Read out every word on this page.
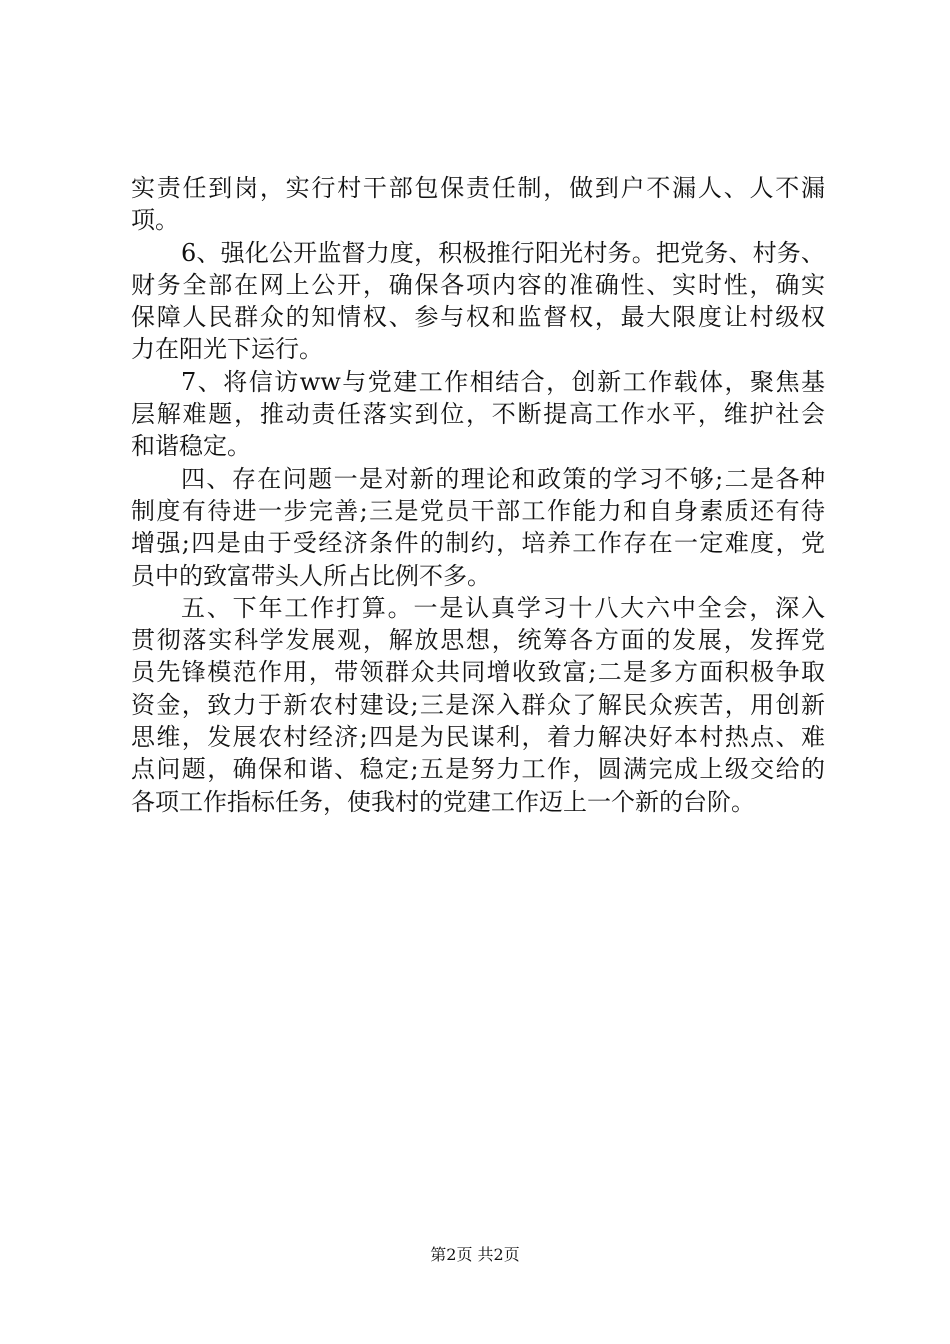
实责任到岗，实行村干部包保责任制，做到户不漏人、人不漏
项。
6、强化公开监督力度，积极推行阳光村务。把党务、村务、
财务全部在网上公开，确保各项内容的准确性、实时性，确实
保障人民群众的知情权、参与权和监督权，最大限度让村级权
力在阳光下运行。
7、将信访ww与党建工作相结合，创新工作载体，聚焦基
层解难题，推动责任落实到位，不断提高工作水平，维护社会
和谐稳定。
四、存在问题一是对新的理论和政策的学习不够;二是各种
制度有待进一步完善;三是党员干部工作能力和自身素质还有待
增强;四是由于受经济条件的制约，培养工作存在一定难度，党
员中的致富带头人所占比例不多。
五、下年工作打算。一是认真学习十八大六中全会，深入
贯彻落实科学发展观，解放思想，统筹各方面的发展，发挥党
员先锋模范作用，带领群众共同增收致富;二是多方面积极争取
资金，致力于新农村建设;三是深入群众了解民众疾苦，用创新
思维，发展农村经济;四是为民谋利，着力解决好本村热点、难
点问题，确保和谐、稳定;五是努力工作，圆满完成上级交给的
各项工作指标任务，使我村的党建工作迈上一个新的台阶。
第2页 共2页
